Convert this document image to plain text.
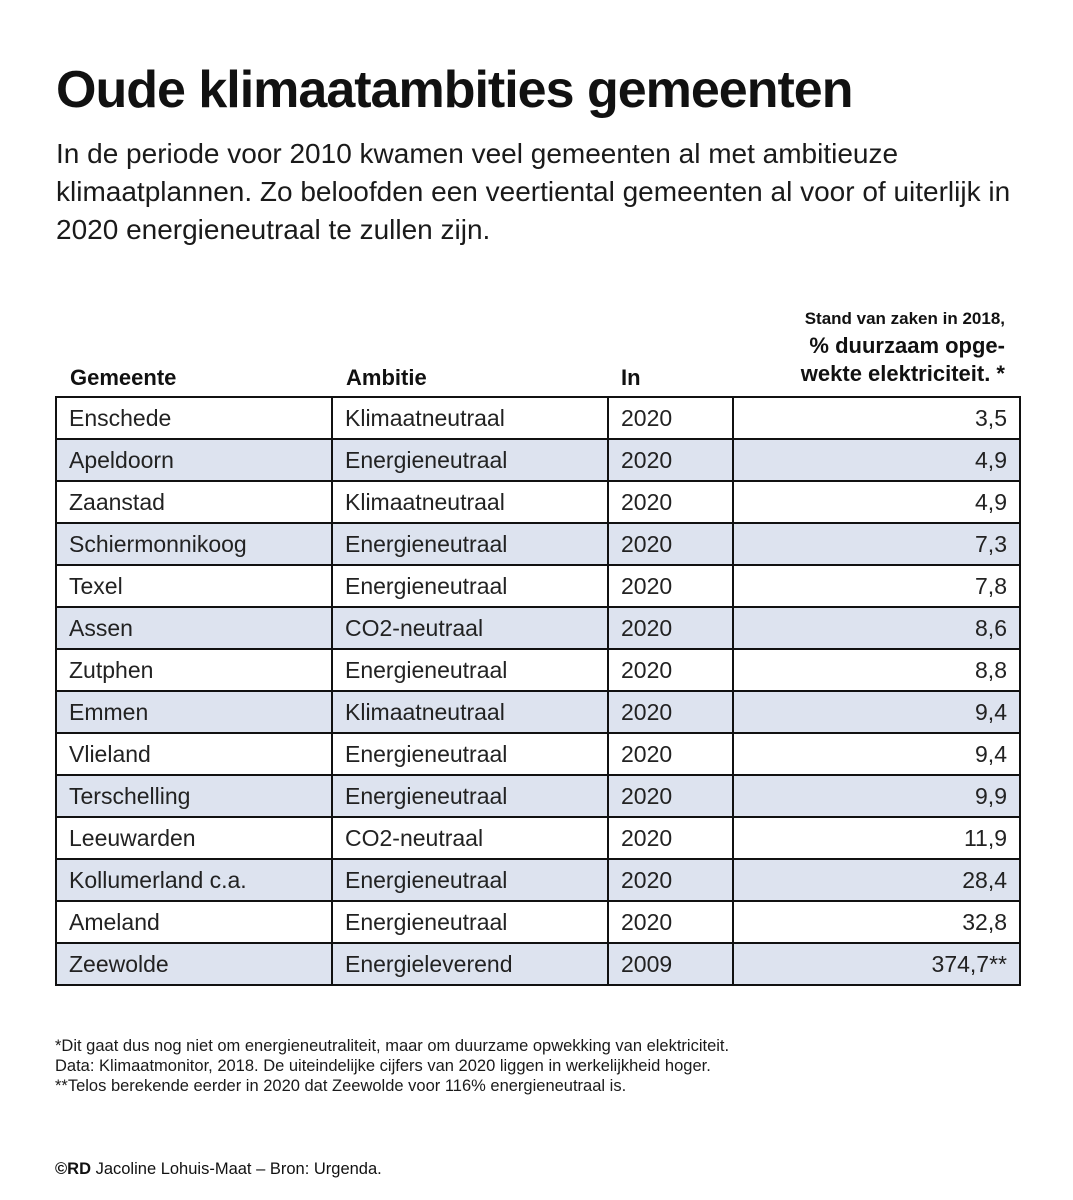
Oude klimaatambities gemeenten

In de periode voor 2010 kwamen veel gemeenten al met ambitieuze klimaatplannen. Zo beloofden een veertiental gemeenten al voor of uiterlijk in 2020 energieneutraal te zullen zijn.

Gemeente	Ambitie	In
Stand van zaken in 2018,
% duurzaam opge-
wekte elektriciteit. *
Enschede	Klimaatneutraal	2020	3,5
Apeldoorn	Energieneutraal	2020	4,9
Zaanstad	Klimaatneutraal	2020	4,9
Schiermonnikoog	Energieneutraal	2020	7,3
Texel	Energieneutraal	2020	7,8
Assen	CO2-neutraal	2020	8,6
Zutphen	Energieneutraal	2020	8,8
Emmen	Klimaatneutraal	2020	9,4
Vlieland	Energieneutraal	2020	9,4
Terschelling	Energieneutraal	2020	9,9
Leeuwarden	CO2-neutraal	2020	11,9
Kollumerland c.a.	Energieneutraal	2020	28,4
Ameland	Energieneutraal	2020	32,8
Zeewolde	Energieleverend	2009	374,7**
*Dit gaat dus nog niet om energieneutraliteit, maar om duurzame opwekking van elektriciteit.
Data: Klimaatmonitor, 2018. De uiteindelijke cijfers van 2020 liggen in werkelijkheid hoger.
**Telos berekende eerder in 2020 dat Zeewolde voor 116% energieneutraal is.
©RD Jacoline Lohuis-Maat – Bron: Urgenda.
